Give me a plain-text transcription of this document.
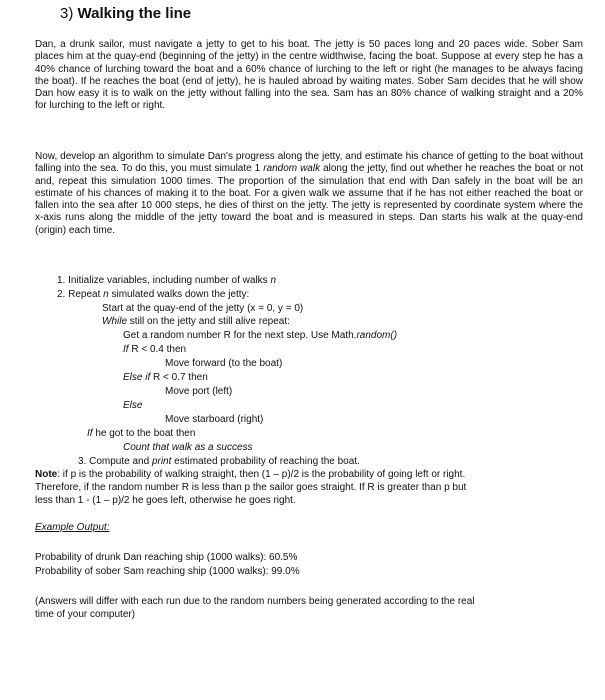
3) Walking the line

Dan, a drunk sailor, must navigate a jetty to get to his boat. The jetty is 50 paces long and 20 paces wide. Sober Sam places him at the quay-end (beginning of the jetty) in the centre widthwise, facing the boat. Suppose at every step he has a 40% chance of lurching toward the boat and a 60% chance of lurching to the left or right (he manages to be always facing the boat). If he reaches the boat (end of jetty), he is hauled abroad by waiting mates. Sober Sam decides that he will show Dan how easy it is to walk on the jetty without falling into the sea. Sam has an 80% chance of walking straight and a 20% for lurching to the left or right.

Now, develop an algorithm to simulate Dan's progress along the jetty, and estimate his chance of getting to the boat without falling into the sea. To do this, you must simulate 1 random walk along the jetty, find out whether he reaches the boat or not and, repeat this simulation 1000 times. The proportion of the simulation that end with Dan safely in the boat will be an estimate of his chances of making it to the boat. For a given walk we assume that if he has not either reached the boat or fallen into the sea after 10 000 steps, he dies of thirst on the jetty. The jetty is represented by coordinate system where the x-axis runs along the middle of the jetty toward the boat and is measured in steps. Dan starts his walk at the quay-end (origin) each time.

1. Initialize variables, including number of walks n
2. Repeat n simulated walks down the jetty:
Start at the quay-end of the jetty (x = 0, y = 0)
While still on the jetty and still alive repeat:
Get a random number R for the next step. Use Math.random()
If R < 0.4 then
Move forward (to the boat)
Else if R < 0.7 then
Move port (left)
Else
Move starboard (right)
If he got to the boat then
Count that walk as a success
3. Compute and print estimated probability of reaching the boat.
Note: if p is the probability of walking straight, then (1 – p)/2 is the probability of going left or right.
Therefore, if the random number R is less than p the sailor goes straight. If R is greater than p but
less than 1 - (1 – p)/2 he goes left, otherwise he goes right.
Example Output:
Probability of drunk Dan reaching ship (1000 walks): 60.5%
Probability of sober Sam reaching ship (1000 walks): 99.0%
(Answers will differ with each run due to the random numbers being generated according to the real
time of your computer)
